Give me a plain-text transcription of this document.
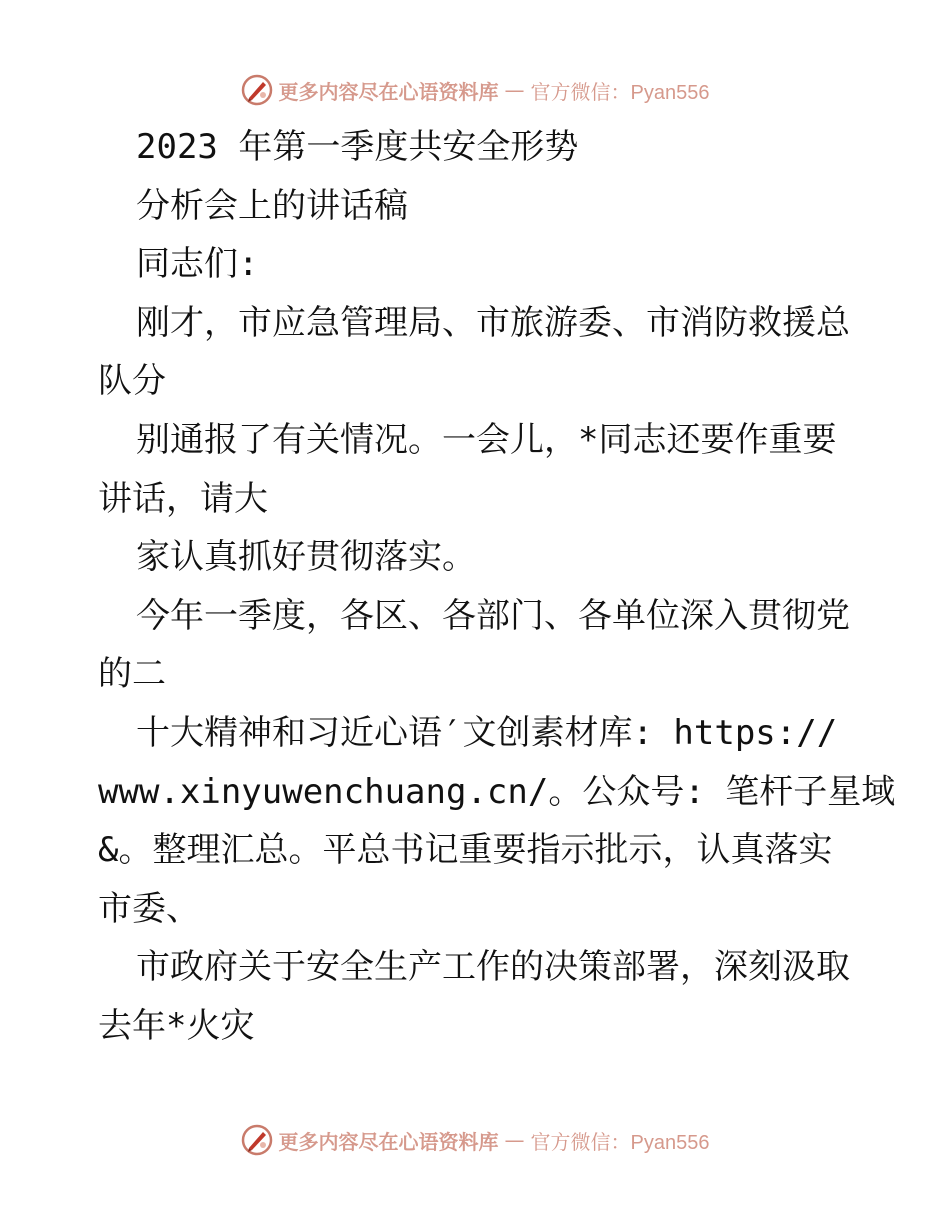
更多内容尽在心语资料库 — 官方微信：Pyan556
2023 年第一季度共安全形势
分析会上的讲话稿
同志们:
刚才，市应急管理局、市旅游委、市消防救援总
队分
别通报了有关情况。一会儿，*同志还要作重要
讲话，请大
家认真抓好贯彻落实。
今年一季度，各区、各部门、各单位深入贯彻党
的二
十大精神和习近心语′文创素材库: https://
www.xinyuwenchuang.cn/。公众号: 笔杆子星域
&。整理汇总。平总书记重要指示批示，认真落实
市委、
市政府关于安全生产工作的决策部署，深刻汲取
去年*火灾
更多内容尽在心语资料库 — 官方微信：Pyan556
